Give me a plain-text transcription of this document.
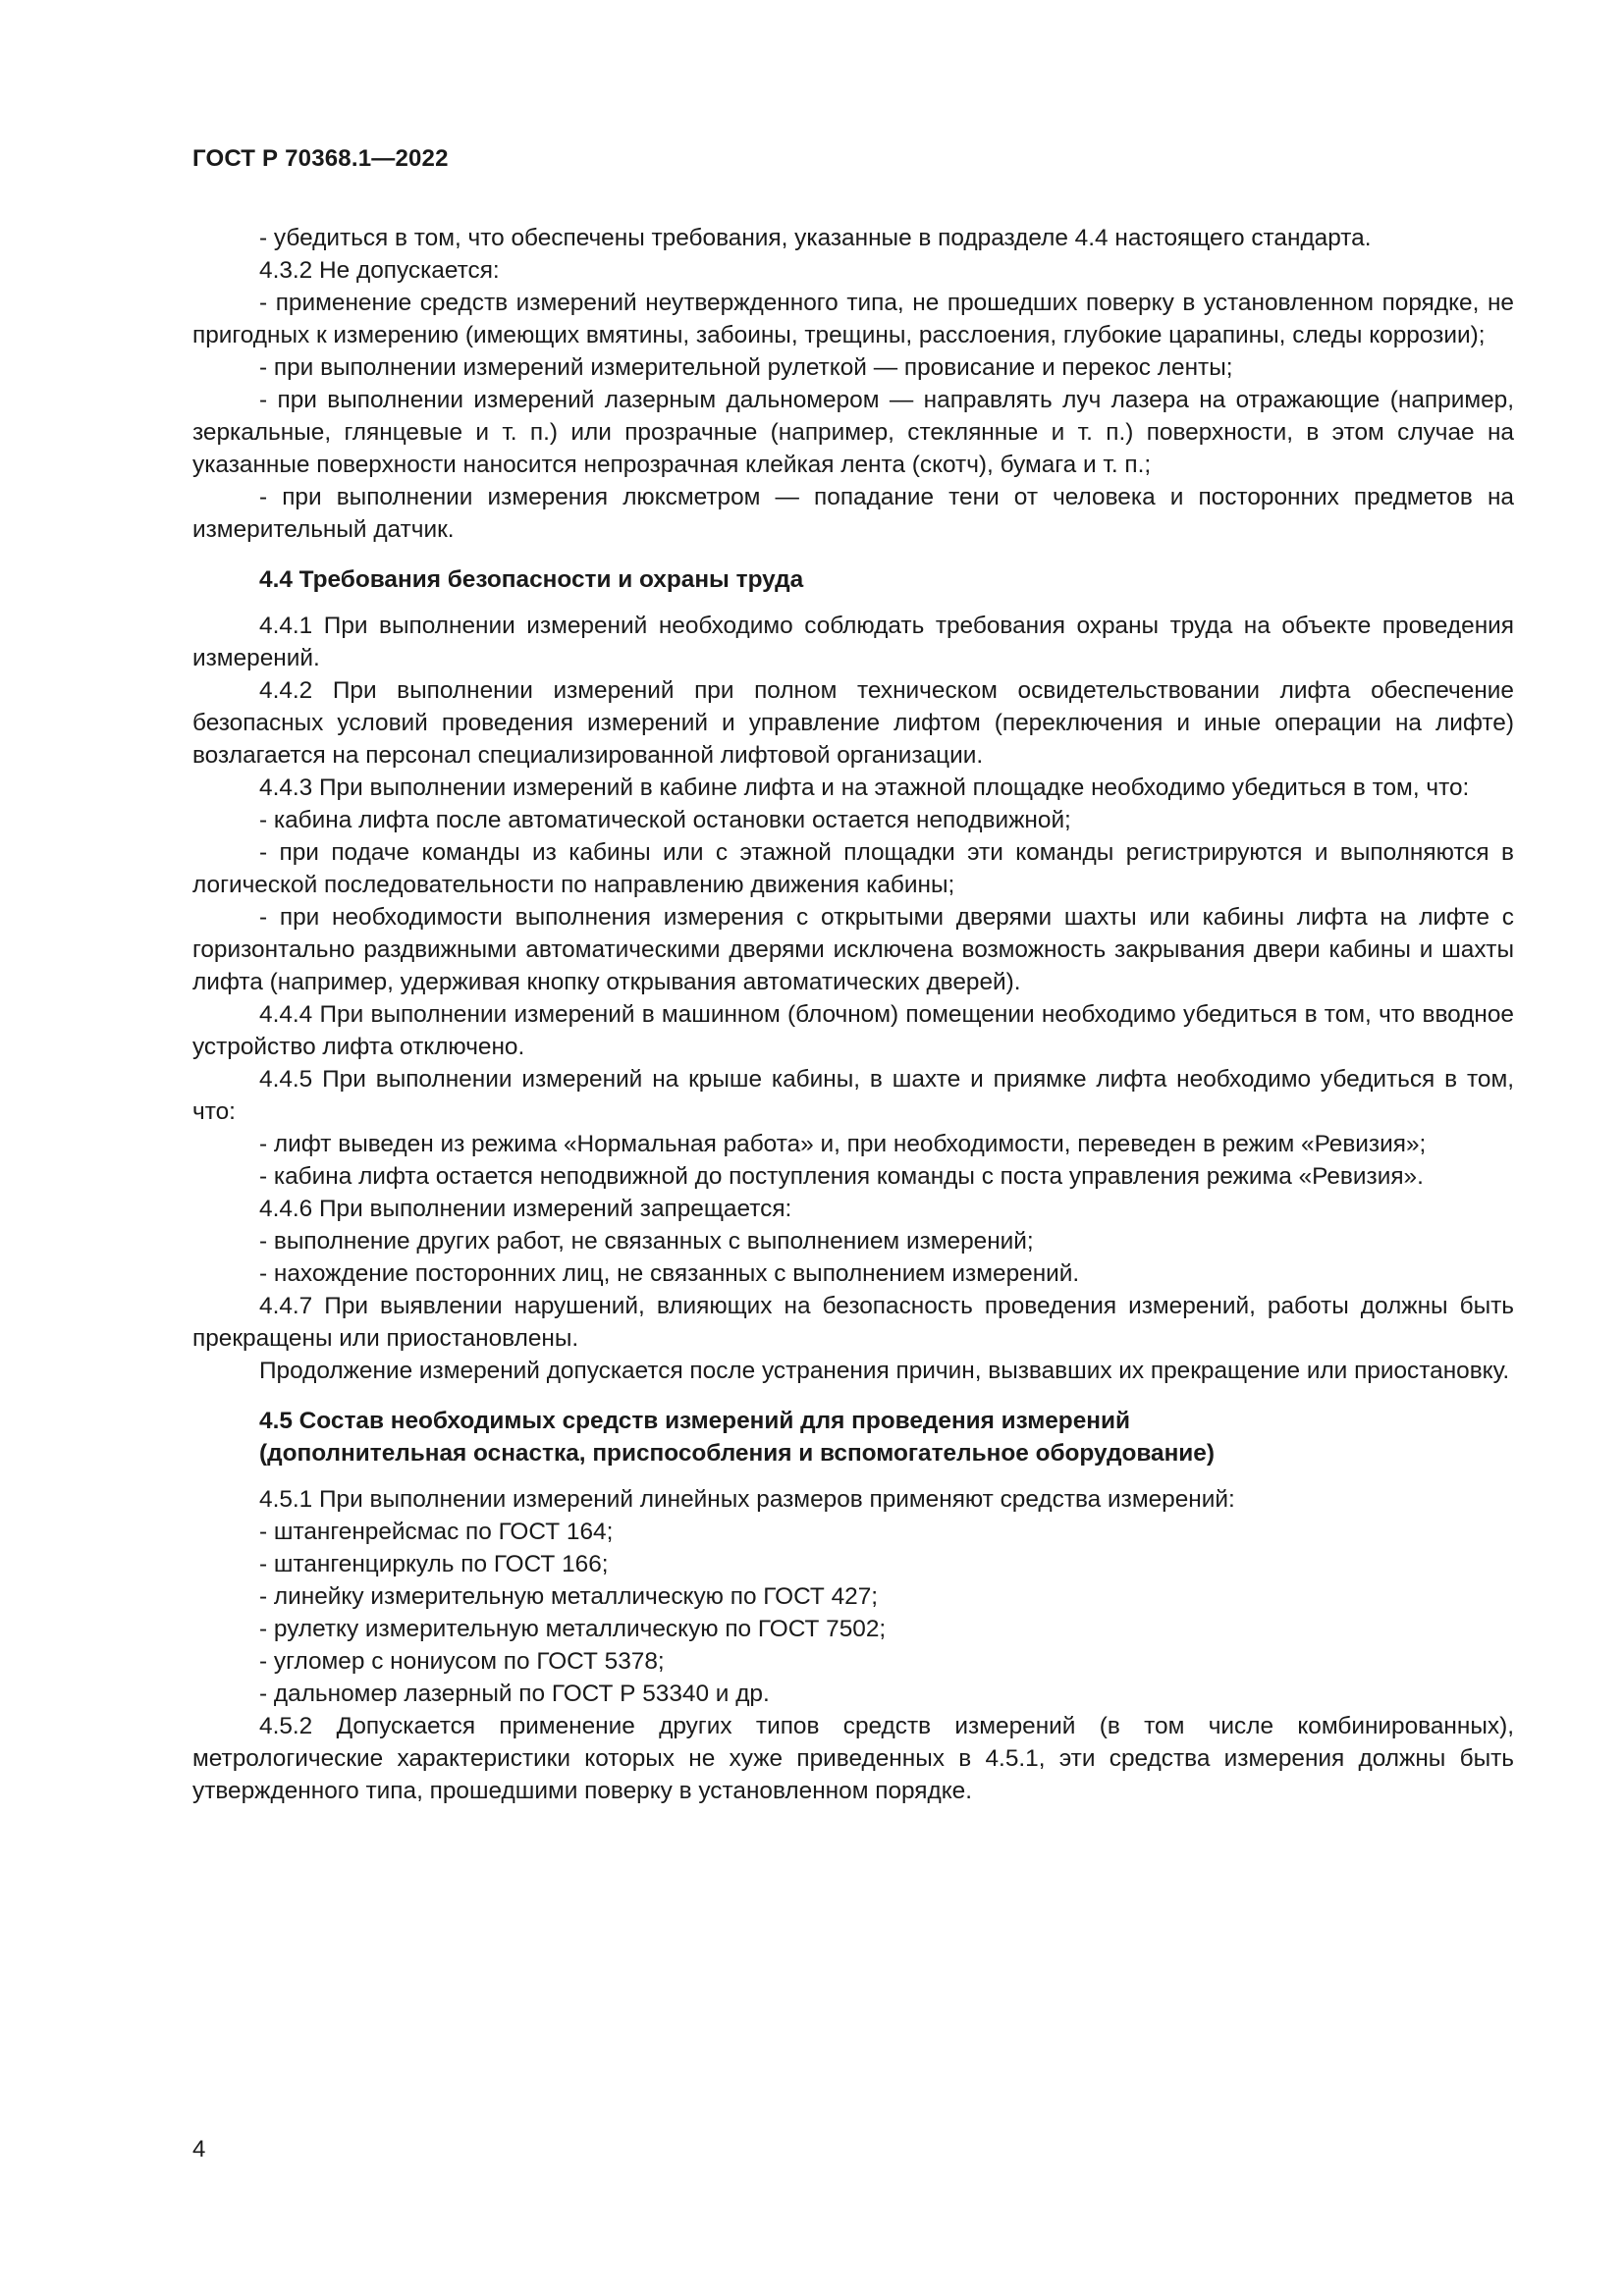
ГОСТ Р 70368.1—2022

- убедиться в том, что обеспечены требования, указанные в подразделе 4.4 настоящего стандарта.

4.3.2 Не допускается:

- применение средств измерений неутвержденного типа, не прошедших поверку в установленном порядке, не пригодных к измерению (имеющих вмятины, забоины, трещины, расслоения, глубокие царапины, следы коррозии);

- при выполнении измерений измерительной рулеткой — провисание и перекос ленты;

- при выполнении измерений лазерным дальномером — направлять луч лазера на отражающие (например, зеркальные, глянцевые и т. п.) или прозрачные (например, стеклянные и т. п.) поверхности, в этом случае на указанные поверхности наносится непрозрачная клейкая лента (скотч), бумага и т. п.;

- при выполнении измерения люксметром — попадание тени от человека и посторонних предметов на измерительный датчик.

4.4 Требования безопасности и охраны труда

4.4.1 При выполнении измерений необходимо соблюдать требования охраны труда на объекте проведения измерений.

4.4.2 При выполнении измерений при полном техническом освидетельствовании лифта обеспечение безопасных условий проведения измерений и управление лифтом (переключения и иные операции на лифте) возлагается на персонал специализированной лифтовой организации.

4.4.3 При выполнении измерений в кабине лифта и на этажной площадке необходимо убедиться в том, что:

- кабина лифта после автоматической остановки остается неподвижной;

- при подаче команды из кабины или с этажной площадки эти команды регистрируются и выполняются в логической последовательности по направлению движения кабины;

- при необходимости выполнения измерения с открытыми дверями шахты или кабины лифта на лифте с горизонтально раздвижными автоматическими дверями исключена возможность закрывания двери кабины и шахты лифта (например, удерживая кнопку открывания автоматических дверей).

4.4.4 При выполнении измерений в машинном (блочном) помещении необходимо убедиться в том, что вводное устройство лифта отключено.

4.4.5 При выполнении измерений на крыше кабины, в шахте и приямке лифта необходимо убедиться в том, что:

- лифт выведен из режима «Нормальная работа» и, при необходимости, переведен в режим «Ревизия»;

- кабина лифта остается неподвижной до поступления команды с поста управления режима «Ревизия».

4.4.6 При выполнении измерений запрещается:

- выполнение других работ, не связанных с выполнением измерений;

- нахождение посторонних лиц, не связанных с выполнением измерений.

4.4.7 При выявлении нарушений, влияющих на безопасность проведения измерений, работы должны быть прекращены или приостановлены.

Продолжение измерений допускается после устранения причин, вызвавших их прекращение или приостановку.

4.5 Состав необходимых средств измерений для проведения измерений
(дополнительная оснастка, приспособления и вспомогательное оборудование)

4.5.1 При выполнении измерений линейных размеров применяют средства измерений:

- штангенрейсмас по ГОСТ 164;

- штангенциркуль по ГОСТ 166;

- линейку измерительную металлическую по ГОСТ 427;

- рулетку измерительную металлическую по ГОСТ 7502;

- угломер с нониусом по ГОСТ 5378;

- дальномер лазерный по ГОСТ Р 53340 и др.

4.5.2 Допускается применение других типов средств измерений (в том числе комбинированных), метрологические характеристики которых не хуже приведенных в 4.5.1, эти средства измерения должны быть утвержденного типа, прошедшими поверку в установленном порядке.

4
